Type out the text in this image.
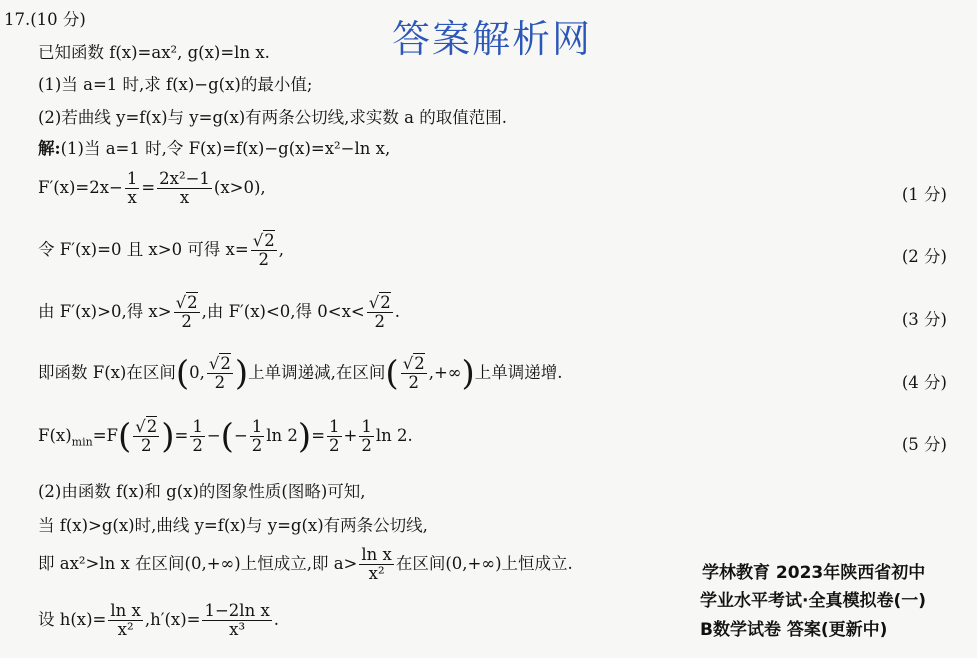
答案解析网
17.(10 分)
已知函数 f(x)=ax², g(x)=ln x.
(1)当 a=1 时,求 f(x)−g(x)的最小值;
(2)若曲线 y=f(x)与 y=g(x)有两条公切线,求实数 a 的取值范围.
解:(1)当 a=1 时,令 F(x)=f(x)−g(x)=x²−ln x,
$F'(x)=2x- \frac{1}{x} = \frac{\text{2x²−1}}{x} (x>0)$,	(1 分)
令 F′(x)=0 且 x>0 可得 $x= \frac{√2}{2}$ ,	(2 分)
由 F′(x)>0,得 $x> \frac{√2}{2}$ ,由 F′(x)<0,得 $0<x< \frac{√2}{2}$ .	(3 分)
即函数 F(x)在区间(0, $\frac{√2}{2}$ )上单调递减,在区间( $\frac{√2}{2}$ ,+∞)上单调递增.
(4 分)
$F(x)_{min}=F( \frac{√2}{2}$ )= $\frac{1}{2}$ −(− $\frac{1}{2}$ $\ln 2)= \frac{1}{2} + \frac{1}{2}$ ln 2.	(5 分)
(2)由函数 f(x)和 g(x)的图象性质(图略)可知,
当 f(x)>g(x)时,曲线 y=f(x)与 y=g(x)有两条公切线,
即 ax²>ln x 在区间(0,+∞)上恒成立,即 $a> \frac{\text{ln x}}{\text{x²}}$ 在区间(0,+∞)上恒成立.
设 $h(x)= \frac{\text{ln x}}{\text{x²}} ,h'(x)= \frac{\text{1−2ln x}}{\text{x³}}$ .
学林教育 2023年陕西省初中
学业水平考试·全真模拟卷(一)
B数学试卷 答案(更新中)
